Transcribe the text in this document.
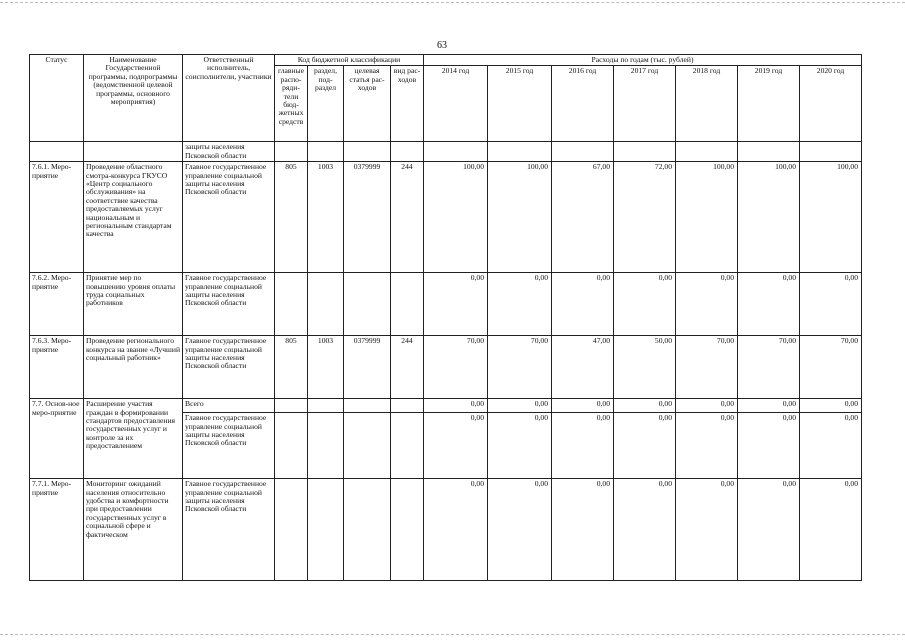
63
Статус	Наименование Государственной программы, подпрограммы (ведомственной целевой программы, основного мероприятия)	Ответственный исполнитель, соисполнители, участники	Код бюджетной классификации				Расходы по годам (тыс. рублей)						
			главные распо-ряди-тели бюд-жетных средств	раздел, под-раздел	целевая статья рас-ходов	вид рас-ходов	2014 год	2015 год	2016 год	2017 год	2018 год	2019 год	2020 год
		защиты населения Псковской области											
7.6.1. Меро-приятие	Проведение областного смотра-конкурса ГКУСО «Центр социального обслуживания» на соответствие качества предоставляемых услуг национальным и региональным стандартам качества	Главное государственное управление социальной защиты населения Псковской области	805	1003	0379999	244	100,00	100,00	67,00	72,00	100,00	100,00	100,00
7.6.2. Меро-приятие	Принятие мер по повышению уровня оплаты труда социальных работников	Главное государственное управление социальной защиты населения Псковской области					0,00	0,00	0,00	0,00	0,00	0,00	0,00
7.6.3. Меро-приятие	Проведение регионального конкурса на звание «Лучший социальный работник»	Главное государственное управление социальной защиты населения Псковской области	805	1003	0379999	244	70,00	70,00	47,00	50,00	70,00	70,00	70,00
7.7. Основ-ное меро-приятие	Расширение участия граждан в формировании стандартов предоставления государственных услуг и контроле за их предоставлением	Всего					0,00	0,00	0,00	0,00	0,00	0,00	0,00
		Главное государственное управление социальной защиты населения Псковской области					0,00	0,00	0,00	0,00	0,00	0,00	0,00
7.7.1. Меро-приятие	Мониторинг ожиданий населения относительно удобства и комфортности при предоставлении государственных услуг в социальной сфере и фактическом	Главное государственное управление социальной защиты населения Псковской области					0,00	0,00	0,00	0,00	0,00	0,00	0,00
